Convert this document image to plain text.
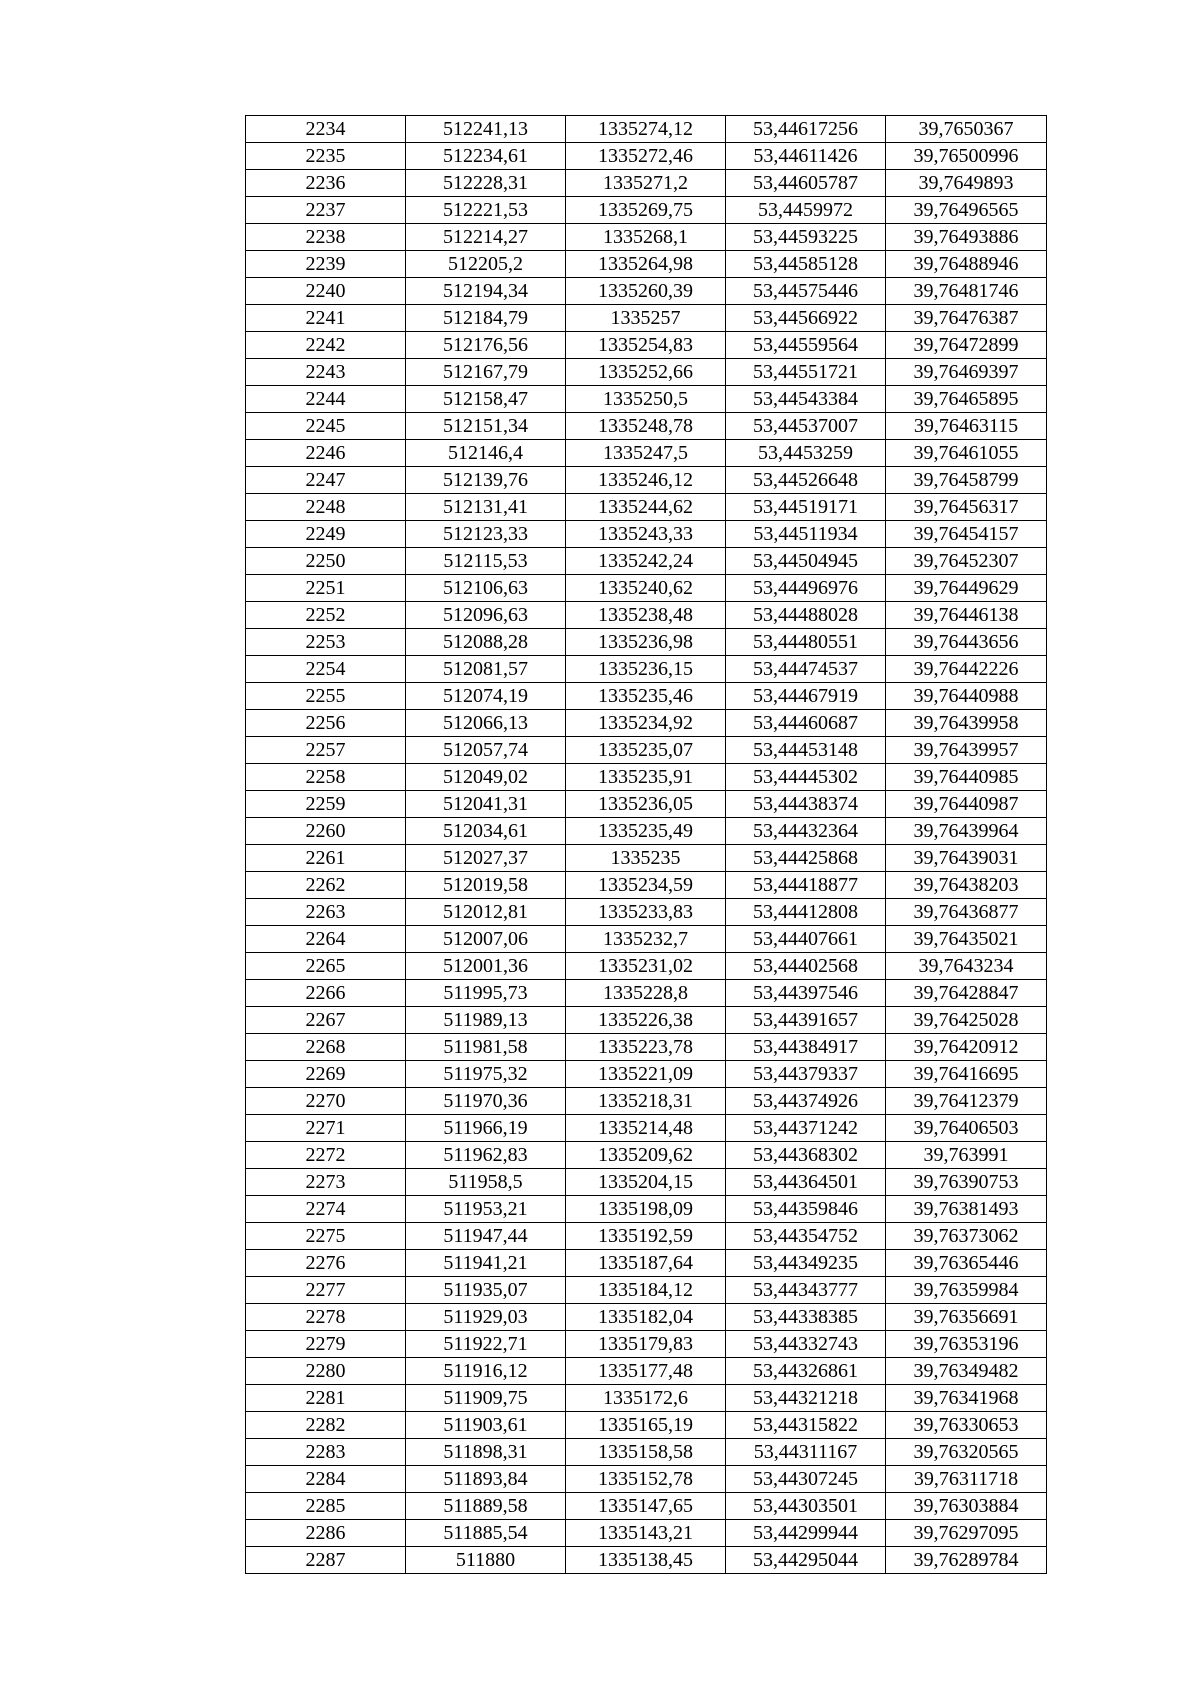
2234	512241,13	1335274,12	53,44617256	39,7650367
2235	512234,61	1335272,46	53,44611426	39,76500996
2236	512228,31	1335271,2	53,44605787	39,7649893
2237	512221,53	1335269,75	53,4459972	39,76496565
2238	512214,27	1335268,1	53,44593225	39,76493886
2239	512205,2	1335264,98	53,44585128	39,76488946
2240	512194,34	1335260,39	53,44575446	39,76481746
2241	512184,79	1335257	53,44566922	39,76476387
2242	512176,56	1335254,83	53,44559564	39,76472899
2243	512167,79	1335252,66	53,44551721	39,76469397
2244	512158,47	1335250,5	53,44543384	39,76465895
2245	512151,34	1335248,78	53,44537007	39,76463115
2246	512146,4	1335247,5	53,4453259	39,76461055
2247	512139,76	1335246,12	53,44526648	39,76458799
2248	512131,41	1335244,62	53,44519171	39,76456317
2249	512123,33	1335243,33	53,44511934	39,76454157
2250	512115,53	1335242,24	53,44504945	39,76452307
2251	512106,63	1335240,62	53,44496976	39,76449629
2252	512096,63	1335238,48	53,44488028	39,76446138
2253	512088,28	1335236,98	53,44480551	39,76443656
2254	512081,57	1335236,15	53,44474537	39,76442226
2255	512074,19	1335235,46	53,44467919	39,76440988
2256	512066,13	1335234,92	53,44460687	39,76439958
2257	512057,74	1335235,07	53,44453148	39,76439957
2258	512049,02	1335235,91	53,44445302	39,76440985
2259	512041,31	1335236,05	53,44438374	39,76440987
2260	512034,61	1335235,49	53,44432364	39,76439964
2261	512027,37	1335235	53,44425868	39,76439031
2262	512019,58	1335234,59	53,44418877	39,76438203
2263	512012,81	1335233,83	53,44412808	39,76436877
2264	512007,06	1335232,7	53,44407661	39,76435021
2265	512001,36	1335231,02	53,44402568	39,7643234
2266	511995,73	1335228,8	53,44397546	39,76428847
2267	511989,13	1335226,38	53,44391657	39,76425028
2268	511981,58	1335223,78	53,44384917	39,76420912
2269	511975,32	1335221,09	53,44379337	39,76416695
2270	511970,36	1335218,31	53,44374926	39,76412379
2271	511966,19	1335214,48	53,44371242	39,76406503
2272	511962,83	1335209,62	53,44368302	39,763991
2273	511958,5	1335204,15	53,44364501	39,76390753
2274	511953,21	1335198,09	53,44359846	39,76381493
2275	511947,44	1335192,59	53,44354752	39,76373062
2276	511941,21	1335187,64	53,44349235	39,76365446
2277	511935,07	1335184,12	53,44343777	39,76359984
2278	511929,03	1335182,04	53,44338385	39,76356691
2279	511922,71	1335179,83	53,44332743	39,76353196
2280	511916,12	1335177,48	53,44326861	39,76349482
2281	511909,75	1335172,6	53,44321218	39,76341968
2282	511903,61	1335165,19	53,44315822	39,76330653
2283	511898,31	1335158,58	53,44311167	39,76320565
2284	511893,84	1335152,78	53,44307245	39,76311718
2285	511889,58	1335147,65	53,44303501	39,76303884
2286	511885,54	1335143,21	53,44299944	39,76297095
2287	511880	1335138,45	53,44295044	39,76289784
